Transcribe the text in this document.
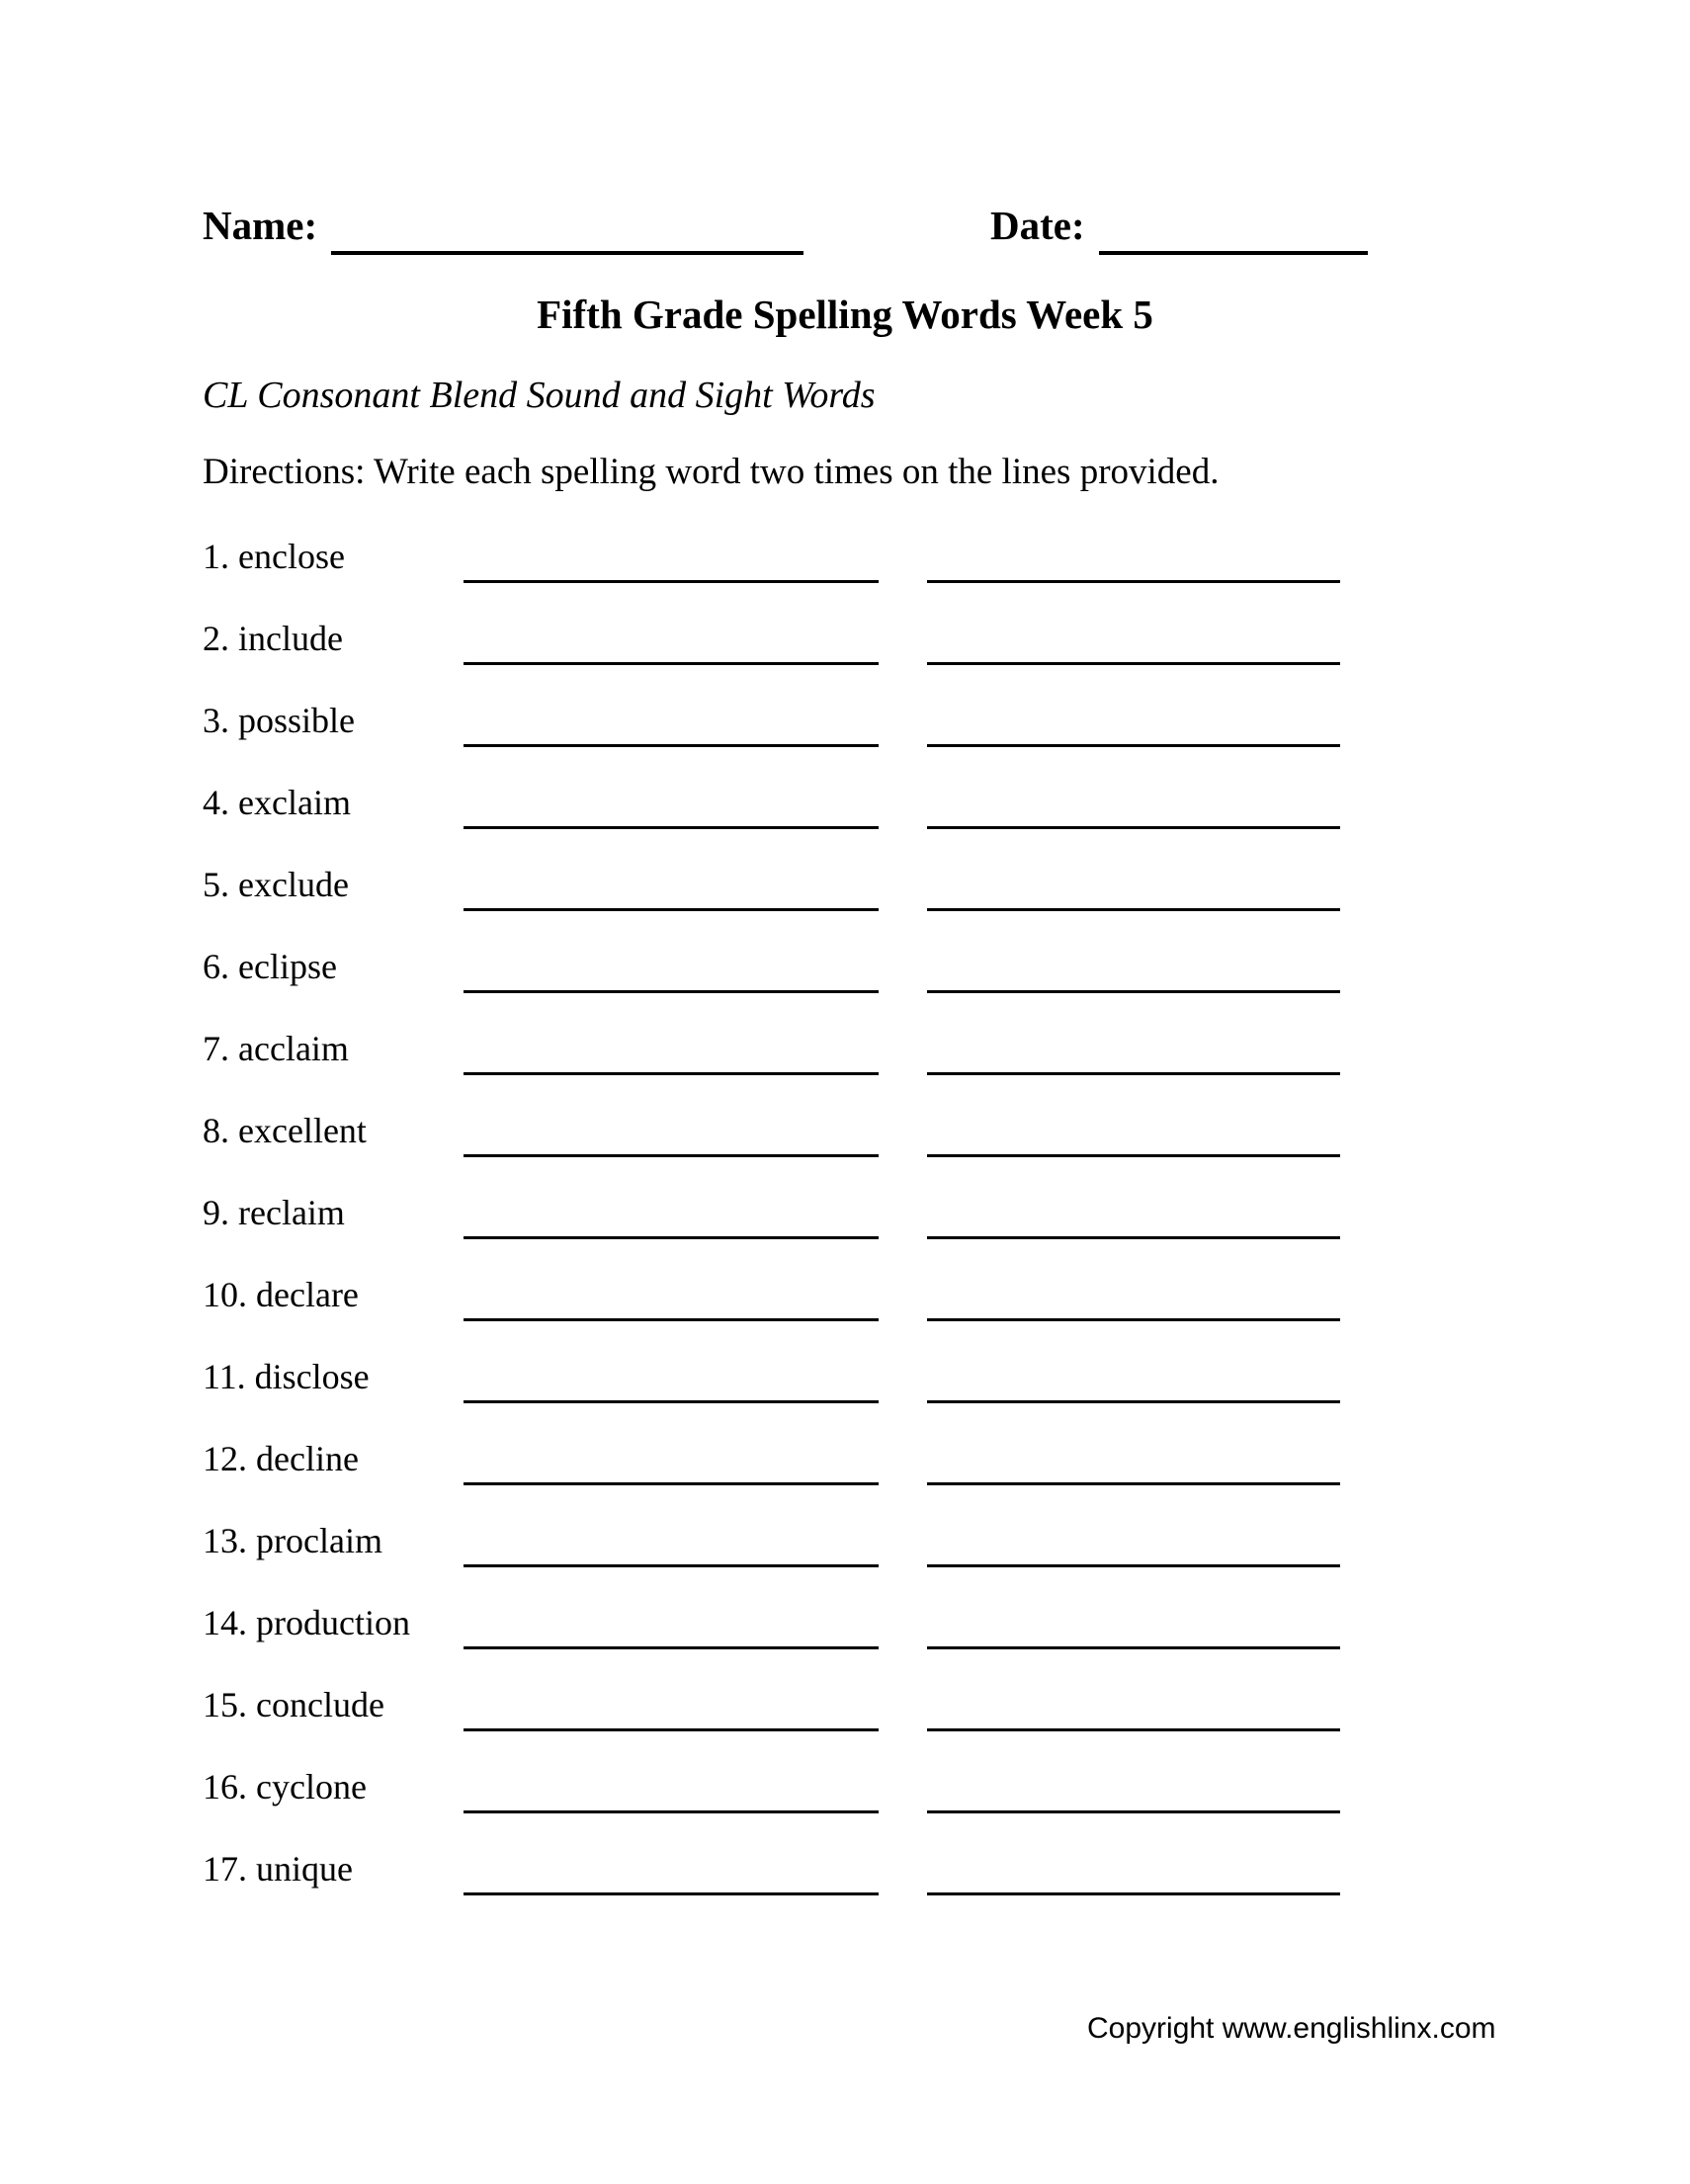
Name:	Date:
Fifth Grade Spelling Words Week 5
CL Consonant Blend Sound and Sight Words
Directions: Write each spelling word two times on the lines provided.
1. enclose
2. include
3. possible
4. exclaim
5. exclude
6. eclipse
7. acclaim
8. excellent
9. reclaim
10. declare
11. disclose
12. decline
13. proclaim
14. production
15. conclude
16. cyclone
17. unique
Copyright www.englishlinx.com
